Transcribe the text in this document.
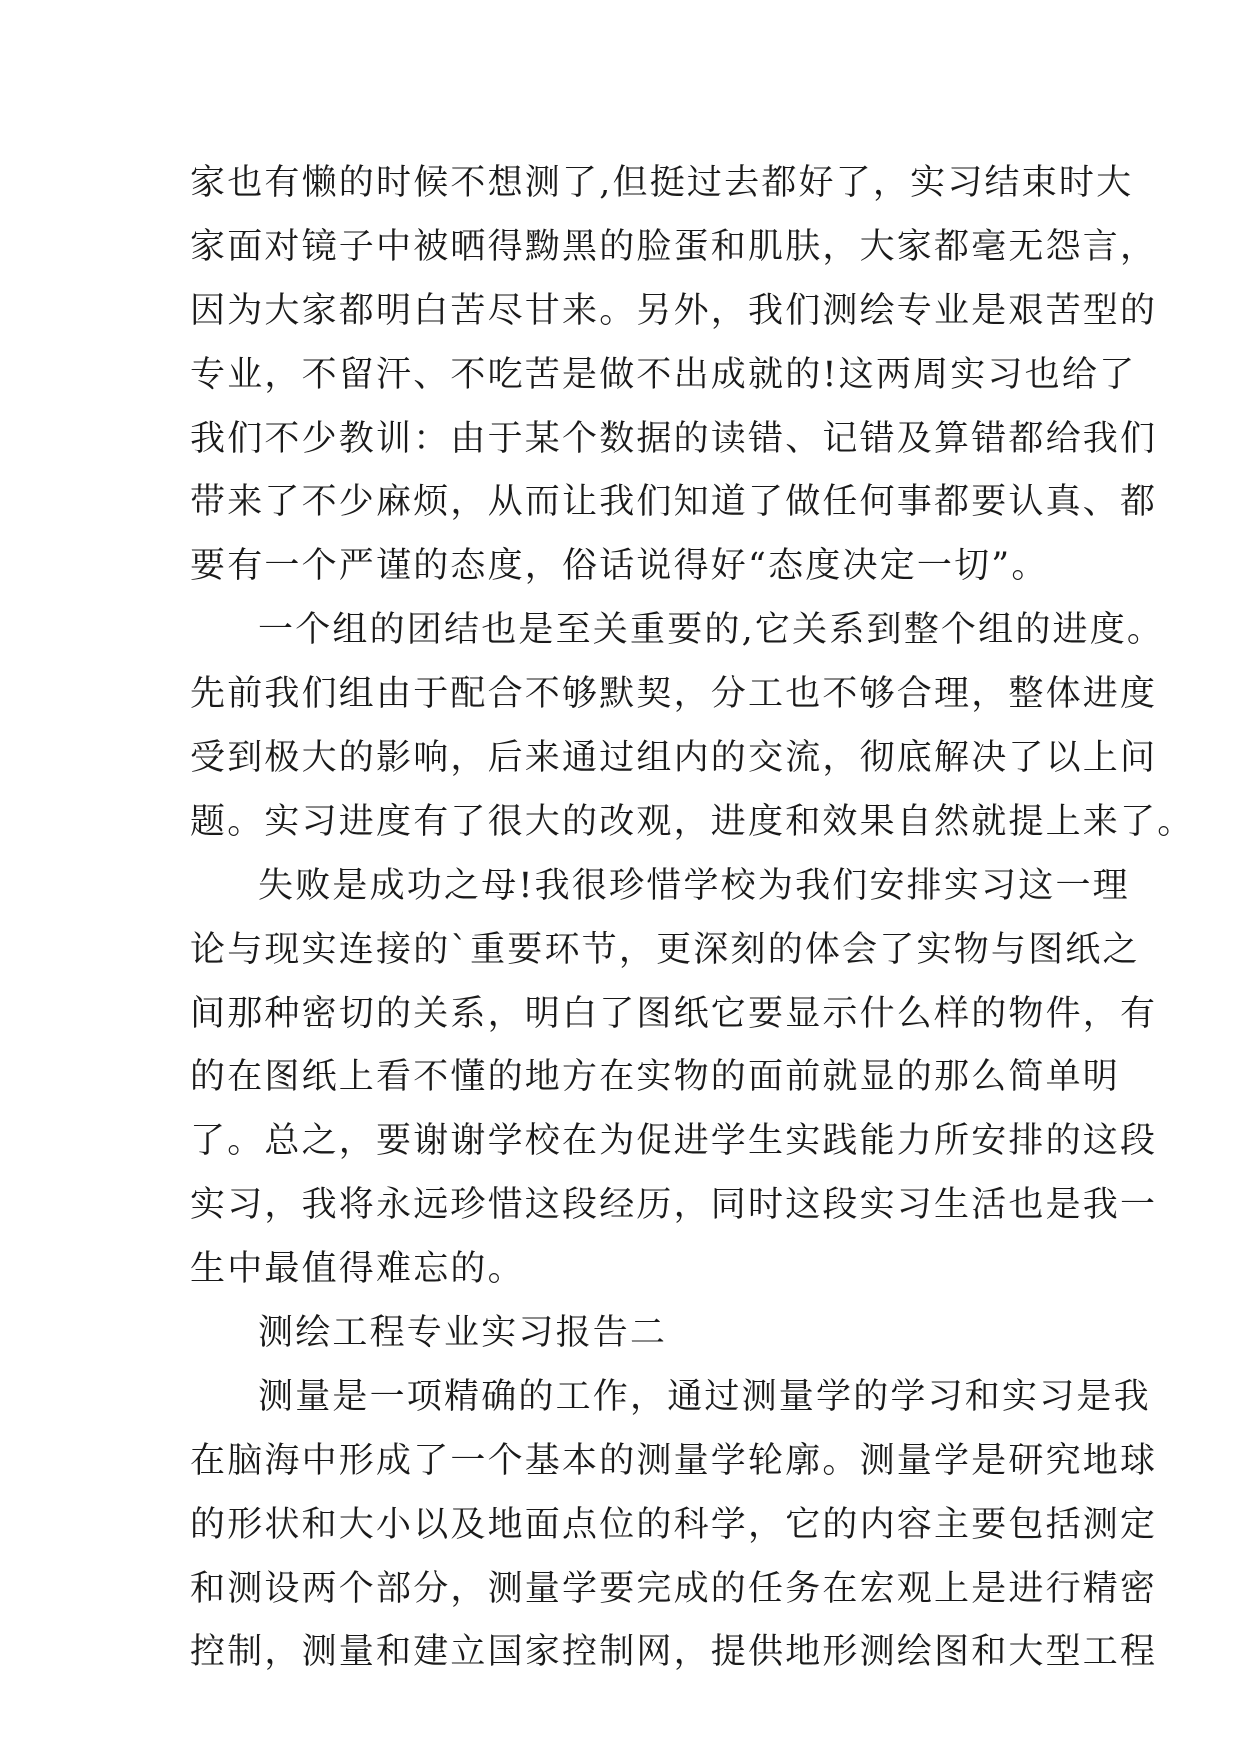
家也有懒的时候不想测了,但挺过去都好了，实习结束时大
家面对镜子中被晒得黝黑的脸蛋和肌肤，大家都毫无怨言，
因为大家都明白苦尽甘来。另外，我们测绘专业是艰苦型的
专业，不留汗、不吃苦是做不出成就的!这两周实习也给了
我们不少教训：由于某个数据的读错、记错及算错都给我们
带来了不少麻烦，从而让我们知道了做任何事都要认真、都
要有一个严谨的态度，俗话说得好“态度决定一切”。
一个组的团结也是至关重要的,它关系到整个组的进度。
先前我们组由于配合不够默契，分工也不够合理，整体进度
受到极大的影响，后来通过组内的交流，彻底解决了以上问
题。实习进度有了很大的改观，进度和效果自然就提上来了。
失败是成功之母!我很珍惜学校为我们安排实习这一理
论与现实连接的`重要环节，更深刻的体会了实物与图纸之
间那种密切的关系，明白了图纸它要显示什么样的物件，有
的在图纸上看不懂的地方在实物的面前就显的那么简单明
了。总之，要谢谢学校在为促进学生实践能力所安排的这段
实习，我将永远珍惜这段经历，同时这段实习生活也是我一
生中最值得难忘的。
测绘工程专业实习报告二
测量是一项精确的工作，通过测量学的学习和实习是我
在脑海中形成了一个基本的测量学轮廓。测量学是研究地球
的形状和大小以及地面点位的科学，它的内容主要包括测定
和测设两个部分，测量学要完成的任务在宏观上是进行精密
控制，测量和建立国家控制网，提供地形测绘图和大型工程
